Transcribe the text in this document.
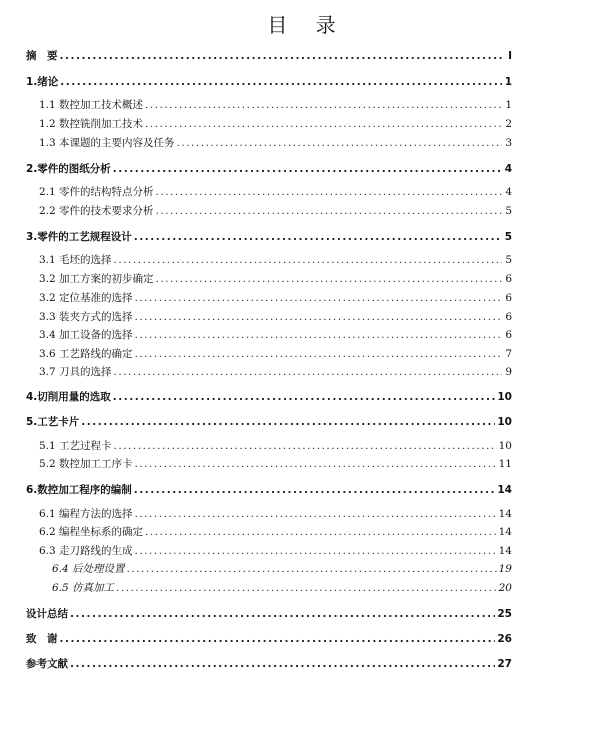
目 录
摘　要 .....	I
1.绪论 .....	1
1.1 数控加工技术概述 .....	1
1.2 数控铣削加工技术 .....	2
1.3 本课题的主要内容及任务 .....	3
2.零件的图纸分析 .....	4
2.1 零件的结构特点分析 .....	4
2.2 零件的技术要求分析 .....	5
3.零件的工艺规程设计 .....	5
3.1 毛坯的选择 .....	5
3.2 加工方案的初步确定 .....	6
3.2 定位基准的选择 .....	6
3.3 装夹方式的选择 .....	6
3.4 加工设备的选择 .....	6
3.6 工艺路线的确定 .....	7
3.7 刀具的选择 .....	9
4.切削用量的选取 .....	10
5.工艺卡片 .....	10
5.1 工艺过程卡 .....	10
5.2 数控加工工序卡 .....	11
6.数控加工程序的编制 .....	14
6.1 编程方法的选择 .....	14
6.2 编程坐标系的确定 .....	14
6.3 走刀路线的生成 .....	14
6.4 后处理设置 .....	19
6.5 仿真加工 .....	20
设计总结 .....	25
致　谢 .....	26
参考文献 .....	27
